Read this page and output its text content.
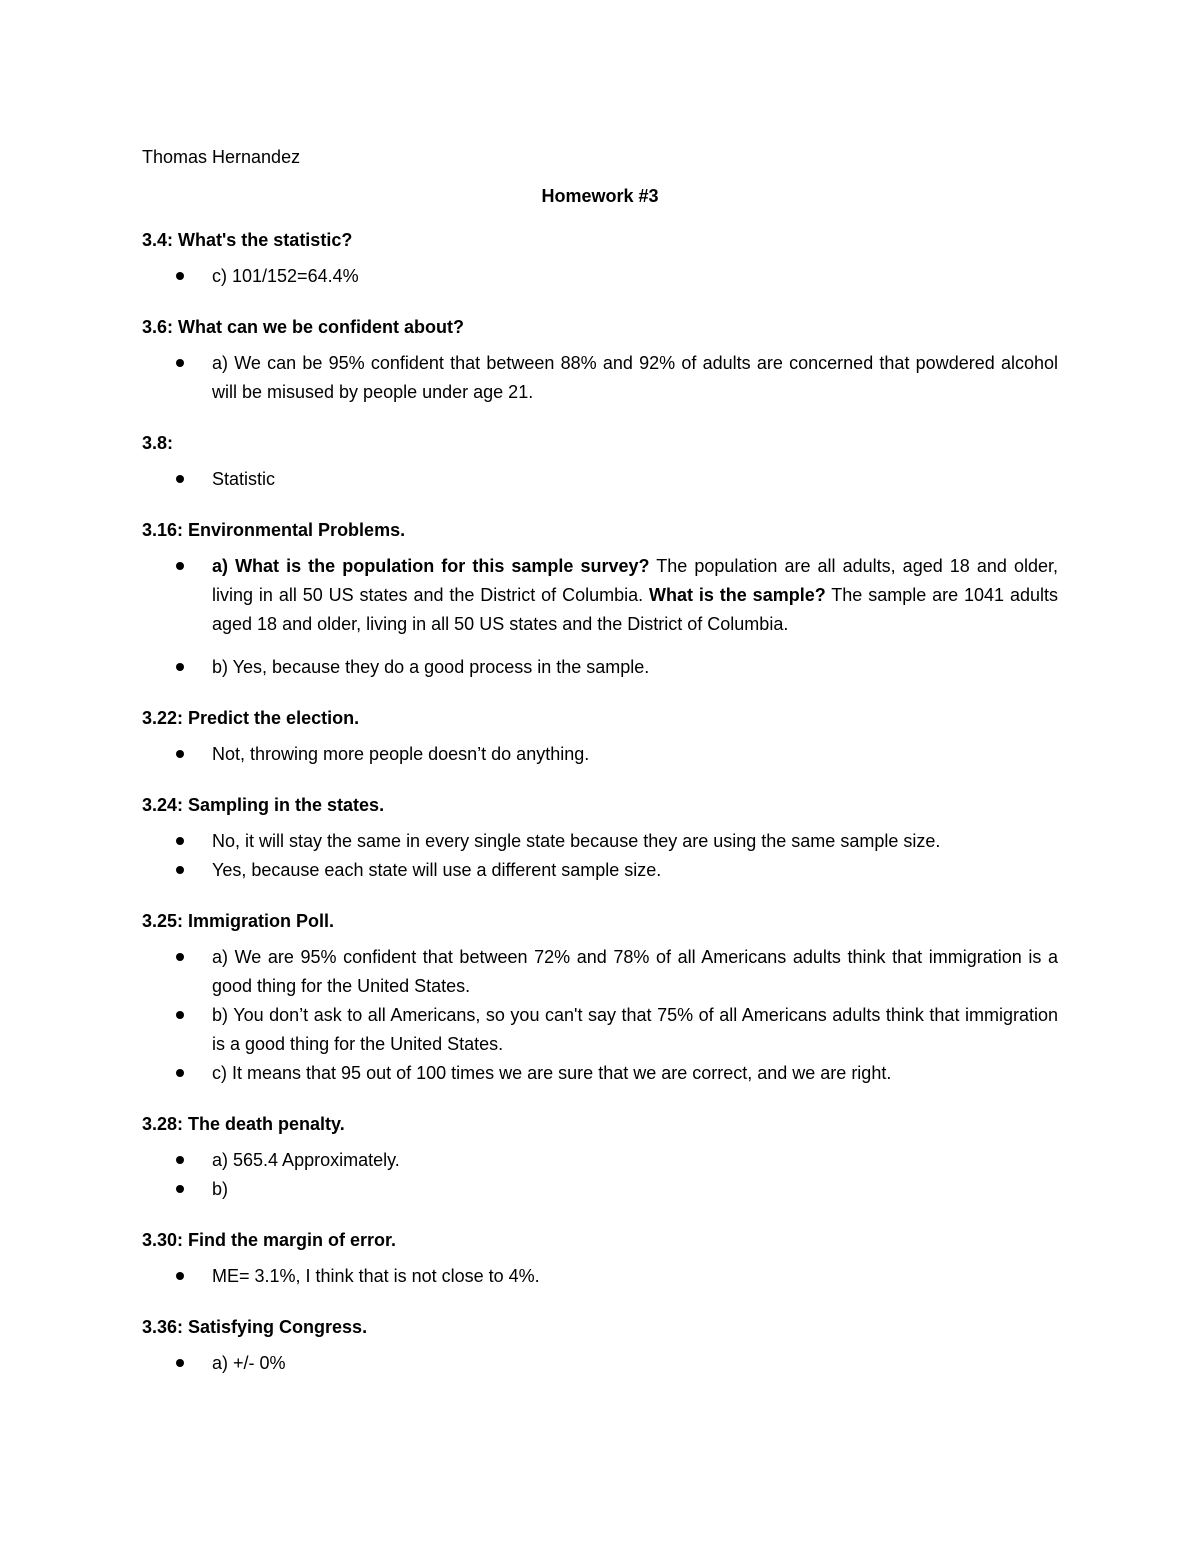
Thomas Hernandez

Homework #3

3.4: What's the statistic?

c) 101/152=64.4%

3.6: What can we be confident about?

a) We can be 95% confident that between 88% and 92% of adults are concerned that powdered alcohol will be misused by people under age 21.

3.8:

Statistic

3.16: Environmental Problems.

a) What is the population for this sample survey? The population are all adults, aged 18 and older, living in all 50 US states and the District of Columbia. What is the sample? The sample are 1041 adults aged 18 and older, living in all 50 US states and the District of Columbia.
b) Yes, because they do a good process in the sample.

3.22: Predict the election.

Not, throwing more people doesn’t do anything.

3.24: Sampling in the states.

No, it will stay the same in every single state because they are using the same sample size.
Yes, because each state will use a different sample size.

3.25: Immigration Poll.

a) We are 95% confident that between 72% and 78% of all Americans adults think that immigration is a good thing for the United States.
b) You don’t ask to all Americans, so you can't say that 75% of all Americans adults think that immigration is a good thing for the United States.
c) It means that 95 out of 100 times we are sure that we are correct, and we are right.

3.28: The death penalty.

a) 565.4 Approximately.
b)

3.30: Find the margin of error.

ME= 3.1%, I think that is not close to 4%.

3.36: Satisfying Congress.

a) +/- 0%
